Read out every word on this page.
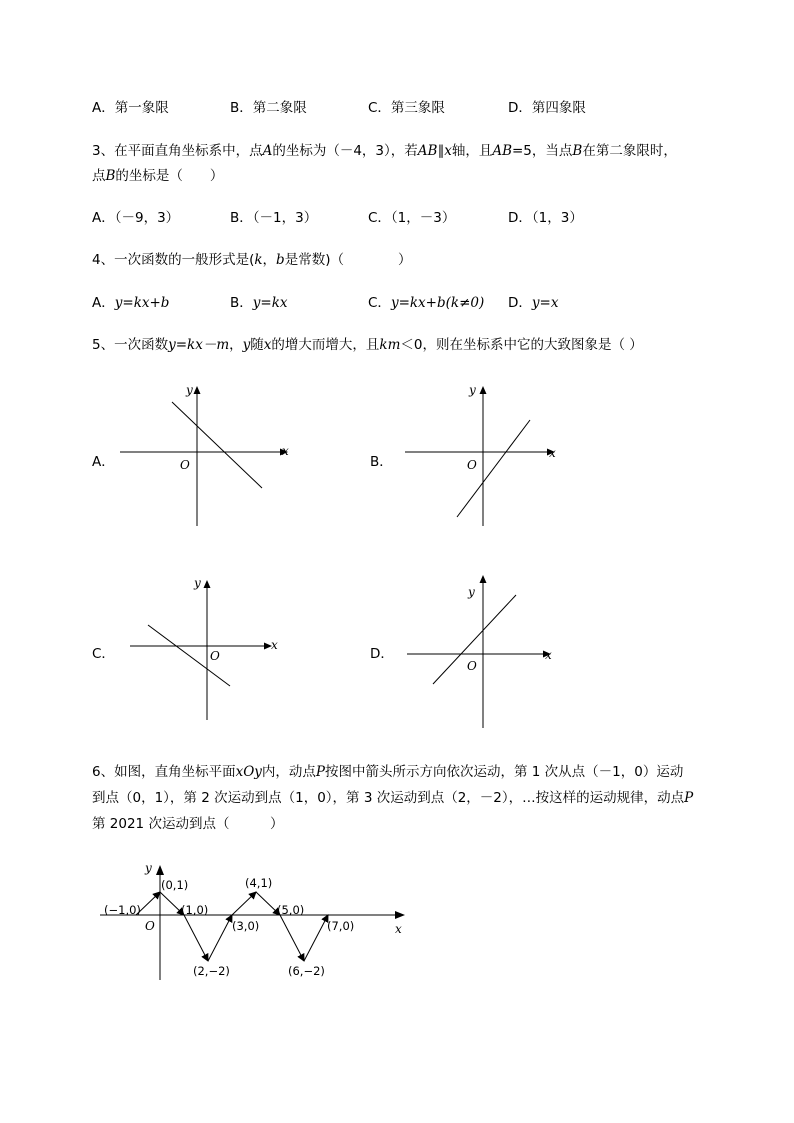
A．第一象限	B．第二象限	C．第三象限	D．第四象限
3、在平面直角坐标系中，点A的坐标为（－4，3），若AB∥x轴，且AB=5，当点B在第二象限时，
点B的坐标是（　　）
A．（－9，3）	B．（－1，3）	C．（1，－3）	D．（1，3）
4、一次函数的一般形式是(k，b是常数)（　　　　）
A．y=kx+b	B．y=kx	C．y=kx+b(k≠0) D．y=x
5、一次函数y=kx－m，y随x的增大而增大，且km＜0，则在坐标系中它的大致图象是（ ）
A．
x
y
O	B．
x
y
O
C．
x
y
O	D．	x
y
O
6、如图，直角坐标平面xOy内，动点P按图中箭头所示方向依次运动，第 1 次从点（－1，0）运动
到点（0，1），第 2 次运动到点（1，0），第 3 次运动到点（2，－2），…按这样的运动规律，动点P
第 2021 次运动到点（　　　）
y
x
O
(−1,0)
(0,1)
(1,0)
(2,−2)
(3,0)
(4,1)
(5,0)
(6,−2)
(7,0)
